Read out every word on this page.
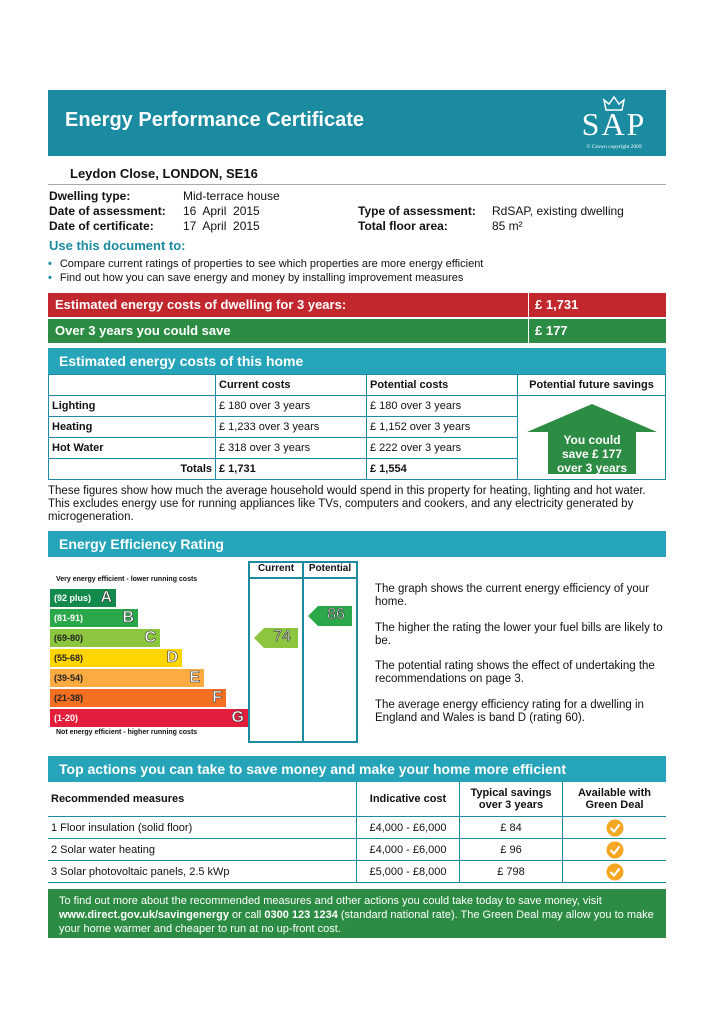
Energy Performance Certificate	SAP
© Crown copyright 2009
Leydon Close, LONDON, SE16
Dwelling type:	Mid-terrace house
Date of assessment: 16  April  2015
Date of certificate: 17  April  2015
Type of assessment: RdSAP, existing dwelling
Total floor area:	85 m²
Use this document to:
• Compare current ratings of properties to see which properties are more energy efficient
• Find out how you can save energy and money by installing improvement measures
Estimated energy costs of dwelling for 3 years:	£ 1,731
Over 3 years you could save	£ 177
Estimated energy costs of this home
	Current costs	Potential costs	Potential future savings
Lighting	£ 180 over 3 years	£ 180 over 3 years	You could
save £ 177
over 3 years

Heating	£ 1,233 over 3 years	£ 1,152 over 3 years	
Hot Water	£ 318 over 3 years	£ 222 over 3 years	
Totals	£ 1,731	£ 1,554	
These figures show how much the average household would spend in this property for heating, lighting and hot water. This excludes energy use for running appliances like TVs, computers and cookers, and any electricity generated by microgeneration.
Energy Efficiency Rating
Very energy efficient - lower running costs
Not energy efficient - higher running costs
(92 plus) A
(81-91) B
(69-80)	C
(55-68)	D
(39-54)	E
(21-38)	F
(1-20)	G
Current	Potential
74
86
The graph shows the current energy efficiency of your home.
The higher the rating the lower your fuel bills are likely to be.
The potential rating shows the effect of undertaking the recommendations on page 3.
The average energy efficiency rating for a dwelling in England and Wales is band D (rating 60).
Top actions you can take to save money and make your home more efficient
Recommended measures	Indicative cost	Typical savings over 3 years	Available with Green Deal
1 Floor insulation (solid floor)	£4,000 - £6,000	£ 84	
2 Solar water heating	£4,000 - £6,000	£ 96	
3 Solar photovoltaic panels, 2.5 kWp	£5,000 - £8,000	£ 798	
To find out more about the recommended measures and other actions you could take today to save money, visit www.direct.gov.uk/savingenergy or call 0300 123 1234 (standard national rate). The Green Deal may allow you to make your home warmer and cheaper to run at no up-front cost.
